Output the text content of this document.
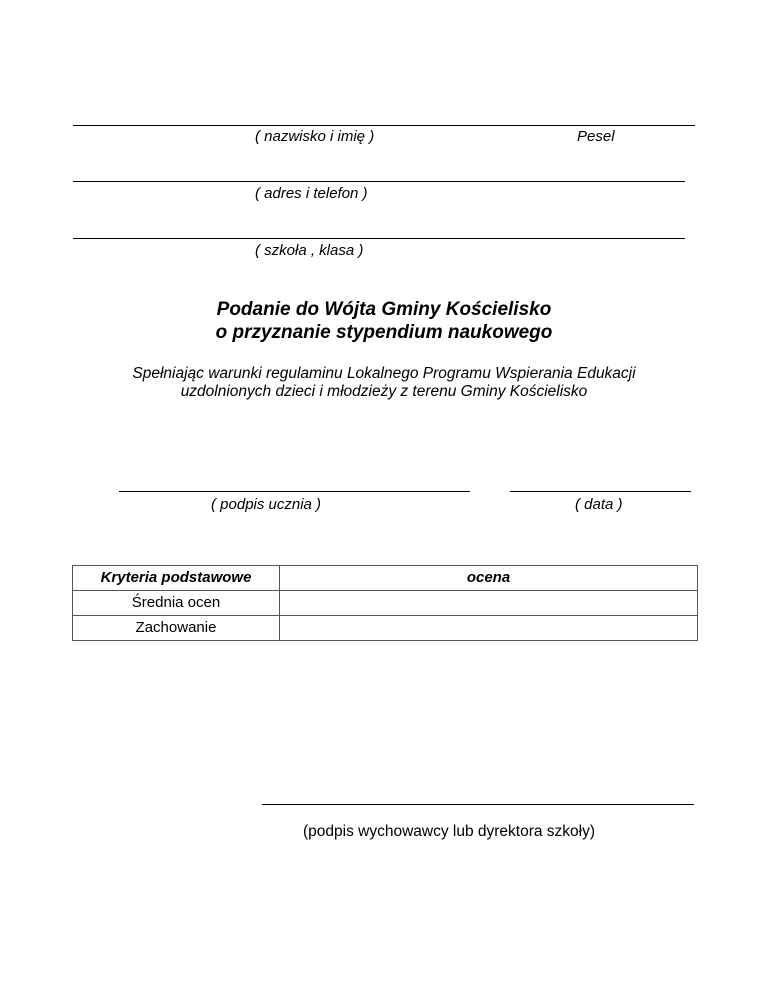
( nazwisko i imię )	Pesel
( adres i telefon )
( szkoła , klasa )
Podanie do Wójta Gminy Kościelisko
o przyznanie stypendium naukowego
Spełniając warunki regulaminu Lokalnego Programu Wspierania Edukacji
uzdolnionych dzieci i młodzieży z terenu Gminy Kościelisko
( podpis ucznia )	( data )
Kryteria podstawowe	ocena
Średnia ocen	
Zachowanie	
(podpis wychowawcy lub dyrektora szkoły)
